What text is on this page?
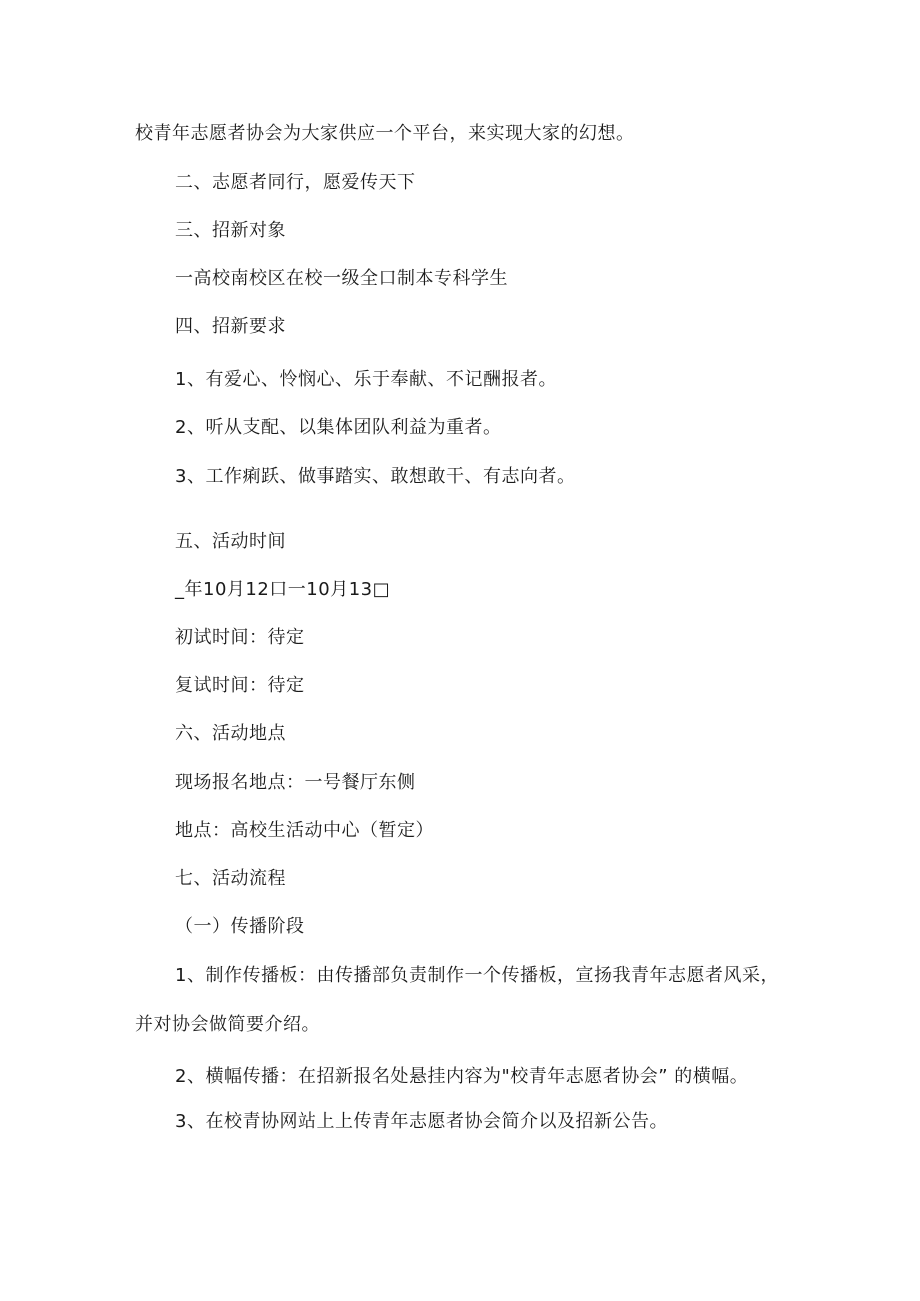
校青年志愿者协会为大家供应一个平台，来实现大家的幻想。
二、志愿者同行，愿爱传天下
三、招新对象
一高校南校区在校一级全口制本专科学生
四、招新要求
1、有爱心、怜悯心、乐于奉献、不记酬报者。
2、听从支配、以集体团队利益为重者。
3、工作痢跃、做事踏实、敢想敢干、有志向者。
五、活动时间
_年10月12口一10月13□
初试时间：待定
复试时间：待定
六、活动地点
现场报名地点：一号餐厅东侧
地点：高校生活动中心（暂定）
七、活动流程
（一）传播阶段
1、制作传播板：由传播部负责制作一个传播板，宣扬我青年志愿者风采，
并对协会做简要介绍。
2、横幅传播：在招新报名处悬挂内容为"校青年志愿者协会” 的横幅。
3、在校青协网站上上传青年志愿者协会简介以及招新公告。
